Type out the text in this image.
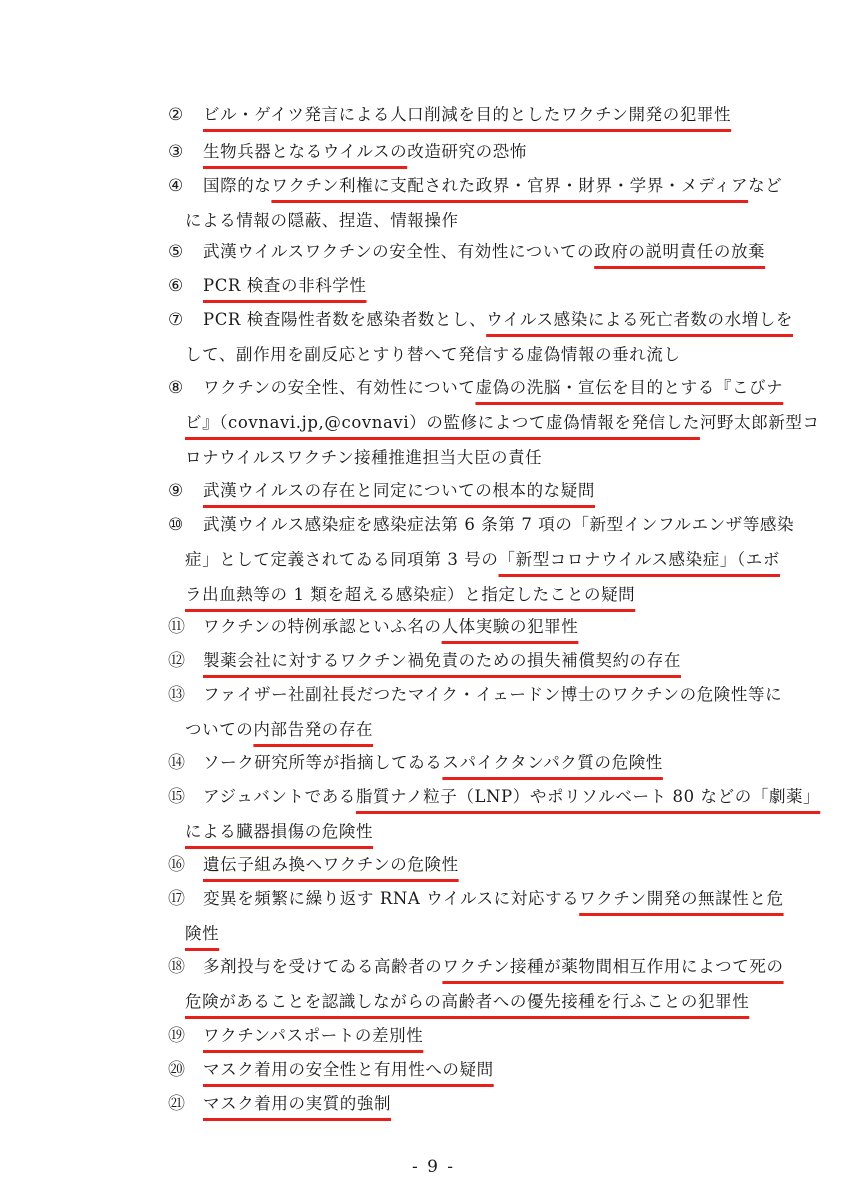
②	ビル・ゲイツ発言による人口削減を目的としたワクチン開発の犯罪性
③	生物兵器となるウイルスの改造研究の恐怖
④	国際的なワクチン利権に支配された政界・官界・財界・学界・メディアなど
による情報の隠蔽、捏造、情報操作
⑤	武漢ウイルスワクチンの安全性、有効性についての政府の説明責任の放棄
⑥	PCR 検査の非科学性
⑦	PCR 検査陽性者数を感染者数とし、ウイルス感染による死亡者数の水増しを
して、副作用を副反応とすり替へて発信する虚偽情報の垂れ流し
⑧	ワクチンの安全性、有効性について虚偽の洗脳・宣伝を目的とする『こびナ
ビ』（covnavi.jp,@covnavi）の監修によつて虚偽情報を発信した河野太郎新型コ
ロナウイルスワクチン接種推進担当大臣の責任
⑨	武漢ウイルスの存在と同定についての根本的な疑問
⑩	武漢ウイルス感染症を感染症法第 6 条第 7 項の「新型インフルエンザ等感染
症」として定義されてゐる同項第 3 号の「新型コロナウイルス感染症」（エボ
ラ出血熱等の 1 類を超える感染症）と指定したことの疑問
⑪	ワクチンの特例承認といふ名の人体実験の犯罪性
⑫	製薬会社に対するワクチン禍免責のための損失補償契約の存在
⑬	ファイザー社副社長だつたマイク・イェードン博士のワクチンの危険性等に
ついての内部告発の存在
⑭	ソーク研究所等が指摘してゐるスパイクタンパク質の危険性
⑮	アジュバントである脂質ナノ粒子（LNP）やポリソルベート 80 などの「劇薬」
による臓器損傷の危険性
⑯	遺伝子組み換へワクチンの危険性
⑰	変異を頻繁に繰り返す RNA ウイルスに対応するワクチン開発の無謀性と危
険性
⑱	多剤投与を受けてゐる高齢者のワクチン接種が薬物間相互作用によつて死の
危険があることを認識しながらの高齢者への優先接種を行ふことの犯罪性
⑲	ワクチンパスポートの差別性
⑳	マスク着用の安全性と有用性への疑問
㉑	マスク着用の実質的強制
- 9 -
